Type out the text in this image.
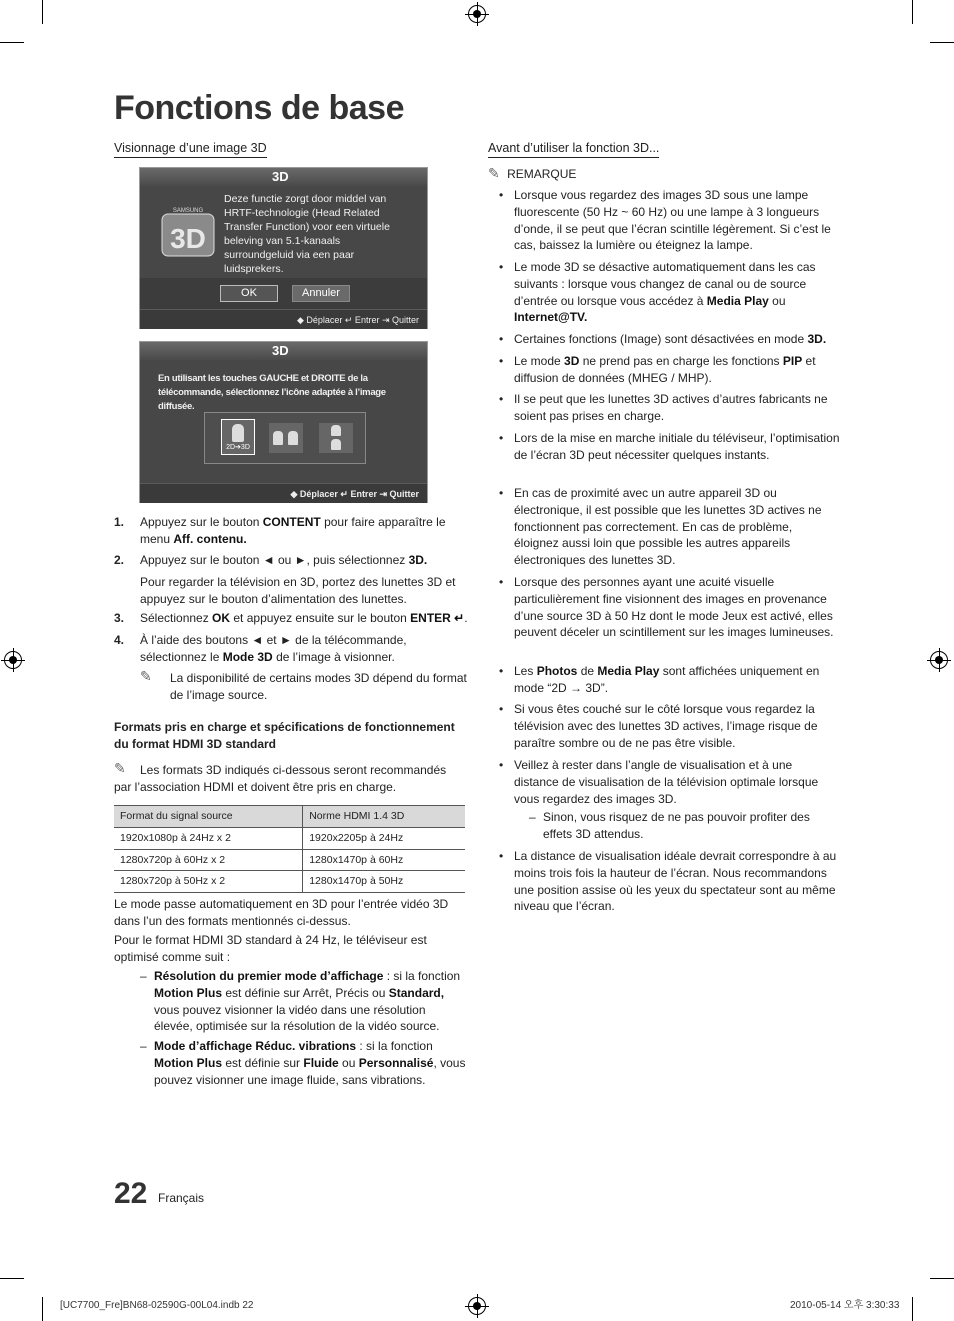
Fonctions de base
Visionnage d’une image 3D	Avant d’utiliser la fonction 3D...
3D
SAMSUNG
3D
Deze functie zorgt door middel van HRTF-technologie (Head Related Transfer Function) voor een virtuele beleving van 5.1-kanaals surroundgeluid via een paar luidsprekers.
OK	Annuler
◆ Déplacer ↵ Entrer ⇥ Quitter
3D
En utilisant les touches GAUCHE et DROITE de la télécommande, sélectionnez l’icône adaptée à l’image diffusée.
2D➔3D
◆ Déplacer ↵ Entrer ⇥ Quitter
1. Appuyez sur le bouton CONTENT pour faire apparaître le menu Aff. contenu.
2. Appuyez sur le bouton ◄ ou ►, puis sélectionnez 3D.
Pour regarder la télévision en 3D, portez des lunettes 3D et appuyez sur le bouton d’alimentation des lunettes.
3. Sélectionnez OK et appuyez ensuite sur le bouton ENTER ↵.
4. À l’aide des boutons ◄ et ► de la télécommande, sélectionnez le Mode 3D de l’image à visionner.
✎ La disponibilité de certains modes 3D dépend du format de l’image source.
Formats pris en charge et spécifications de fonctionnement du format HDMI 3D standard
✎	Les formats 3D indiqués ci-dessous seront recommandés par l’association HDMI et doivent être pris en charge.
Format du signal source	Norme HDMI 1.4 3D
1920x1080p à 24Hz x 2	1920x2205p à 24Hz
1280x720p à 60Hz x 2	1280x1470p à 60Hz
1280x720p à 50Hz x 2	1280x1470p à 50Hz
Le mode passe automatiquement en 3D pour l’entrée vidéo 3D dans l’un des formats mentionnés ci-dessus.
Pour le format HDMI 3D standard à 24 Hz, le téléviseur est optimisé comme suit :
– Résolution du premier mode d’affichage : si la fonction Motion Plus est définie sur Arrêt, Précis ou Standard, vous pouvez visionner la vidéo dans une résolution élevée, optimisée sur la résolution de la vidéo source.
– Mode d’affichage Réduc. vibrations : si la fonction Motion Plus est définie sur Fluide ou Personnalisé, vous pouvez visionner une image fluide, sans vibrations.
✎ REMARQUE
• Lorsque vous regardez des images 3D sous une lampe fluorescente (50 Hz ~ 60 Hz) ou une lampe à 3 longueurs d’onde, il se peut que l’écran scintille légèrement. Si c’est le cas, baissez la lumière ou éteignez la lampe.
• Le mode 3D se désactive automatiquement dans les cas suivants : lorsque vous changez de canal ou de source d’entrée ou lorsque vous accédez à Media Play ou Internet@TV.
• Certaines fonctions (Image) sont désactivées en mode 3D.
• Le mode 3D ne prend pas en charge les fonctions PIP et diffusion de données (MHEG / MHP).
• Il se peut que les lunettes 3D actives d’autres fabricants ne soient pas prises en charge.
• Lors de la mise en marche initiale du téléviseur, l’optimisation de l’écran 3D peut nécessiter quelques instants.
• En cas de proximité avec un autre appareil 3D ou électronique, il est possible que les lunettes 3D actives ne fonctionnent pas correctement. En cas de problème, éloignez aussi loin que possible les autres appareils électroniques des lunettes 3D.
• Lorsque des personnes ayant une acuité visuelle particulièrement fine visionnent des images en provenance d’une source 3D à 50 Hz dont le mode Jeux est activé, elles peuvent déceler un scintillement sur les images lumineuses.
• Les Photos de Media Play sont affichées uniquement en mode “2D → 3D”.
• Si vous êtes couché sur le côté lorsque vous regardez la télévision avec des lunettes 3D actives, l’image risque de paraître sombre ou de ne pas être visible.
• Veillez à rester dans l’angle de visualisation et à une distance de visualisation de la télévision optimale lorsque vous regardez des images 3D.
– Sinon, vous risquez de ne pas pouvoir profiter des effets 3D attendus.
• La distance de visualisation idéale devrait correspondre à au moins trois fois la hauteur de l’écran. Nous recommandons une position assise où les yeux du spectateur sont au même niveau que l’écran.
22 Français
[UC7700_Fre]BN68-02590G-00L04.indb 22	2010-05-14 오후 3:30:33
